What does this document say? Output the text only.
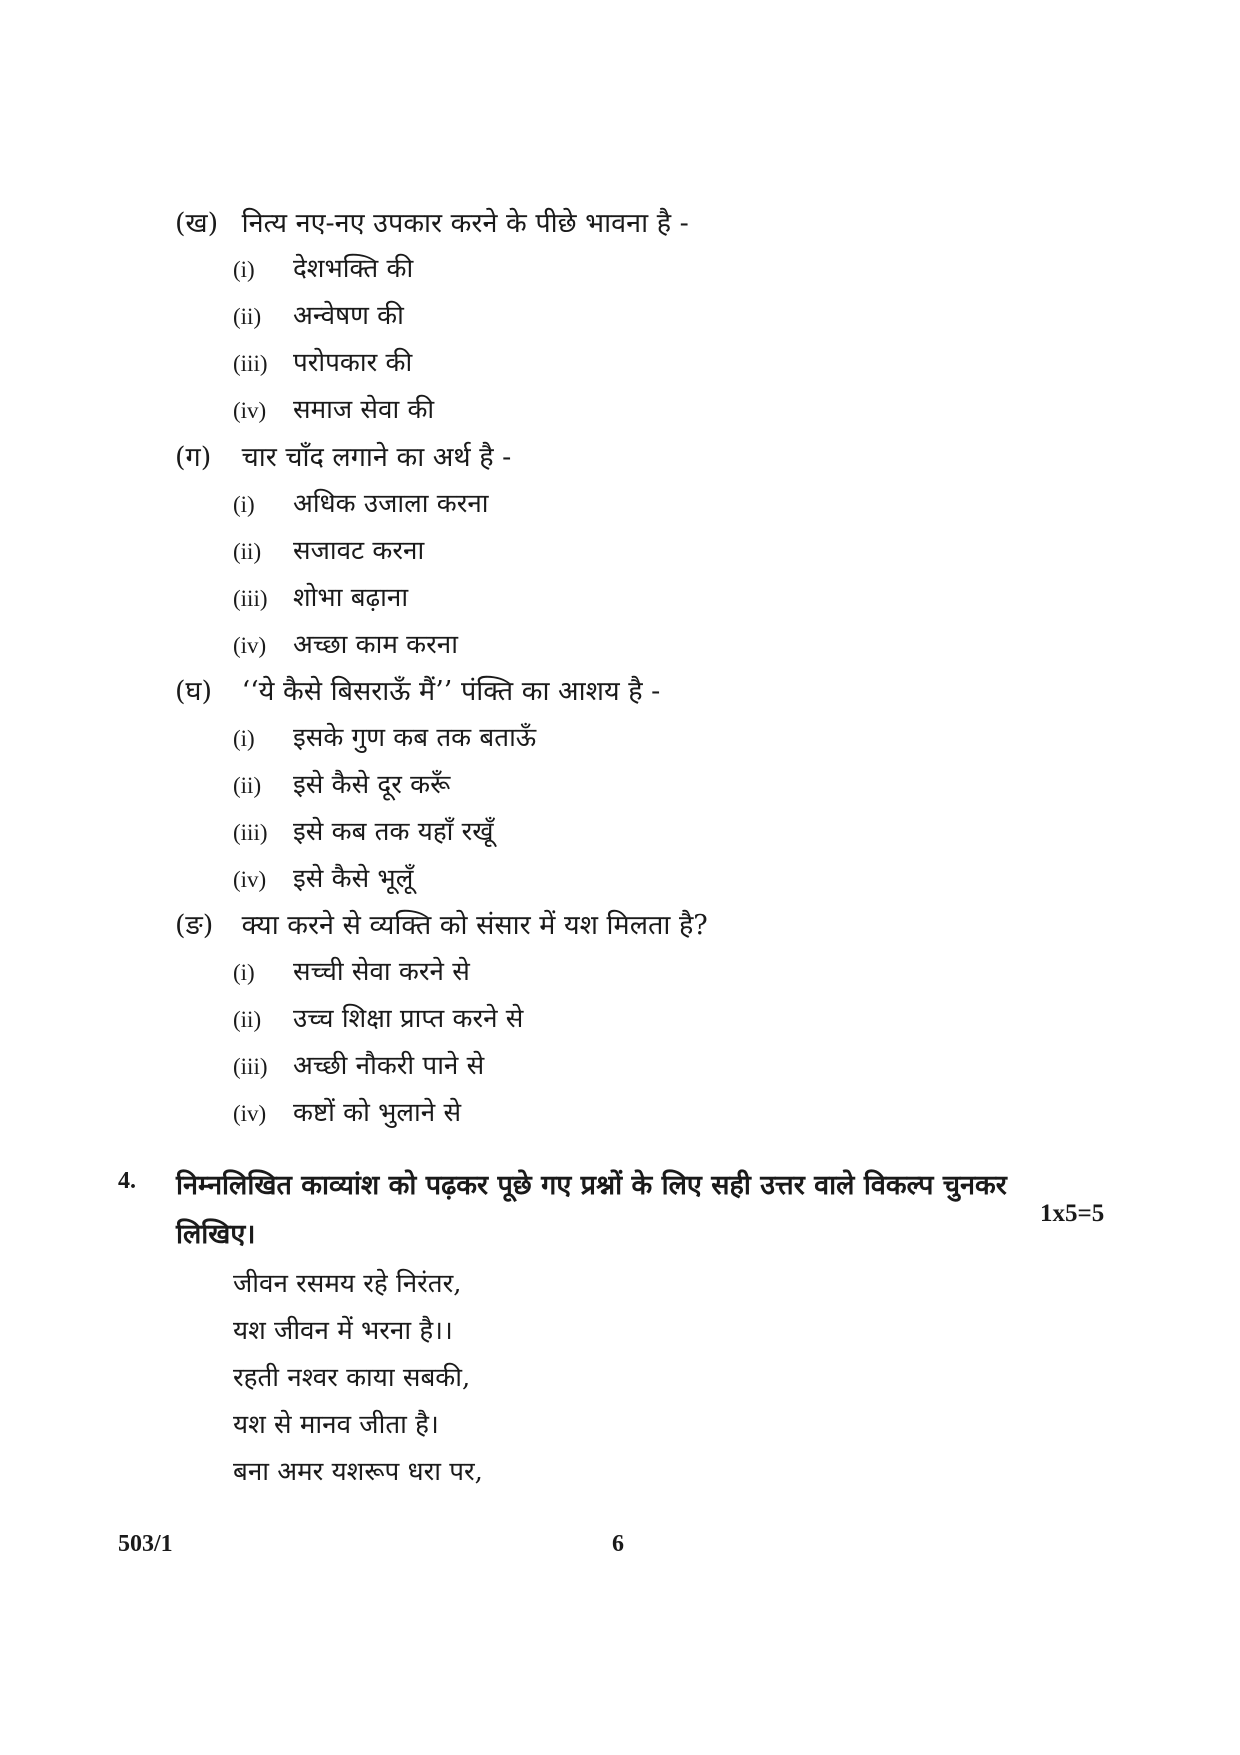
(ख) नित्य नए-नए उपकार करने के पीछे भावना है -
(i) देशभक्ति की
(ii) अन्वेषण की
(iii) परोपकार की
(iv) समाज सेवा की
(ग) चार चाँद लगाने का अर्थ है -
(i) अधिक उजाला करना
(ii) सजावट करना
(iii) शोभा बढ़ाना
(iv) अच्छा काम करना
(घ) ‘‘ये कैसे बिसराऊँ मैं’’ पंक्ति का आशय है -
(i) इसके गुण कब तक बताऊँ
(ii) इसे कैसे दूर करूँ
(iii) इसे कब तक यहाँ रखूँ
(iv) इसे कैसे भूलूँ
(ङ) क्या करने से व्यक्ति को संसार में यश मिलता है?
(i) सच्ची सेवा करने से
(ii) उच्च शिक्षा प्राप्त करने से
(iii) अच्छी नौकरी पाने से
(iv) कष्टों को भुलाने से
4. निम्नलिखित काव्यांश को पढ़कर पूछे गए प्रश्नों के लिए सही उत्तर वाले विकल्प चुनकर
लिखिए।
1x5=5
जीवन रसमय रहे निरंतर,
यश जीवन में भरना है।।
रहती नश्वर काया सबकी,
यश से मानव जीता है।
बना अमर यशरूप धरा पर,
503/1	6
